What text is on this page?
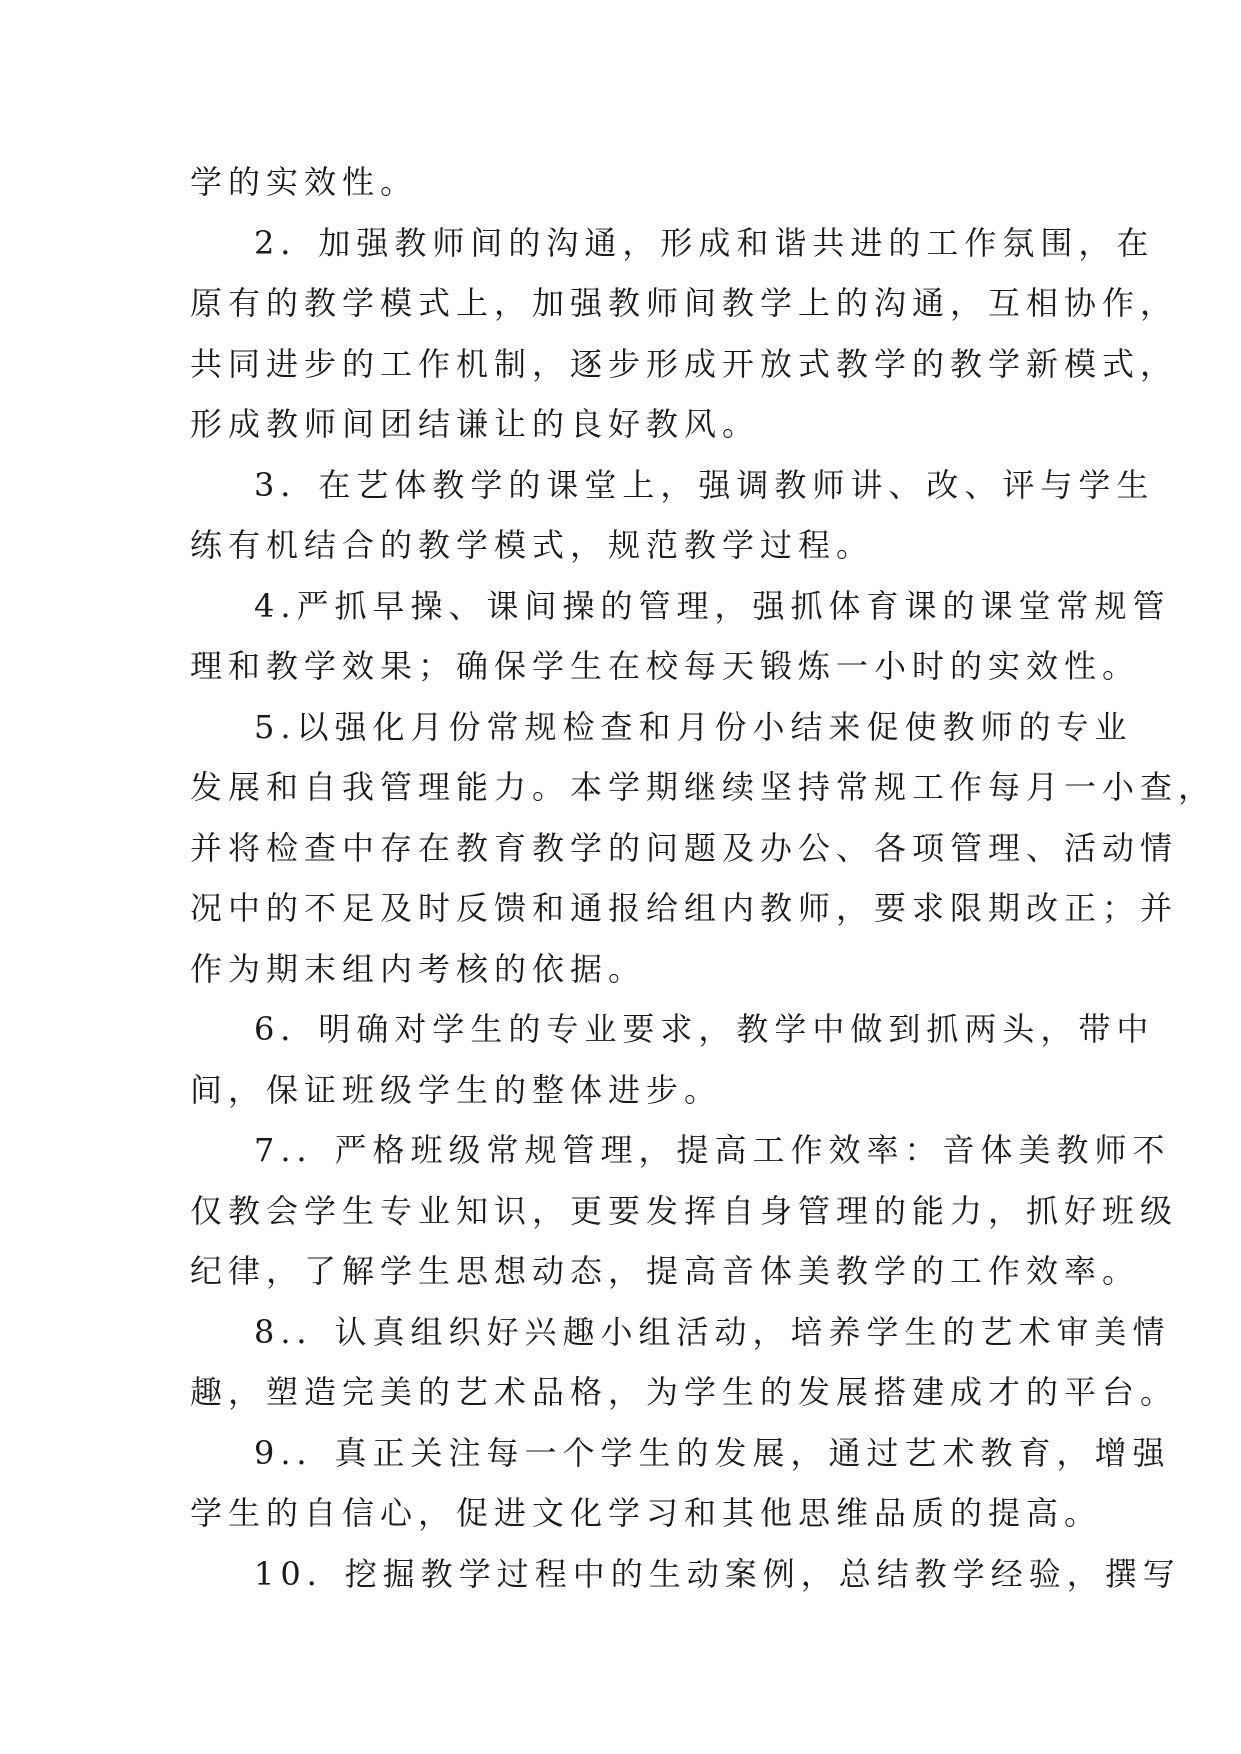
学的实效性。
2．加强教师间的沟通，形成和谐共进的工作氛围，在
原有的教学模式上，加强教师间教学上的沟通，互相协作，
共同进步的工作机制，逐步形成开放式教学的教学新模式，
形成教师间团结谦让的良好教风。
3．在艺体教学的课堂上，强调教师讲、改、评与学生
练有机结合的教学模式，规范教学过程。
4.严抓早操、课间操的管理，强抓体育课的课堂常规管
理和教学效果；确保学生在校每天锻炼一小时的实效性。
5.以强化月份常规检查和月份小结来促使教师的专业
发展和自我管理能力。本学期继续坚持常规工作每月一小查，
并将检查中存在教育教学的问题及办公、各项管理、活动情
况中的不足及时反馈和通报给组内教师，要求限期改正；并
作为期末组内考核的依据。
6．明确对学生的专业要求，教学中做到抓两头，带中
间，保证班级学生的整体进步。
7.．严格班级常规管理，提高工作效率：音体美教师不
仅教会学生专业知识，更要发挥自身管理的能力，抓好班级
纪律，了解学生思想动态，提高音体美教学的工作效率。
8.．认真组织好兴趣小组活动，培养学生的艺术审美情
趣，塑造完美的艺术品格，为学生的发展搭建成才的平台。
9.．真正关注每一个学生的发展，通过艺术教育，增强
学生的自信心，促进文化学习和其他思维品质的提高。
10．挖掘教学过程中的生动案例，总结教学经验，撰写
